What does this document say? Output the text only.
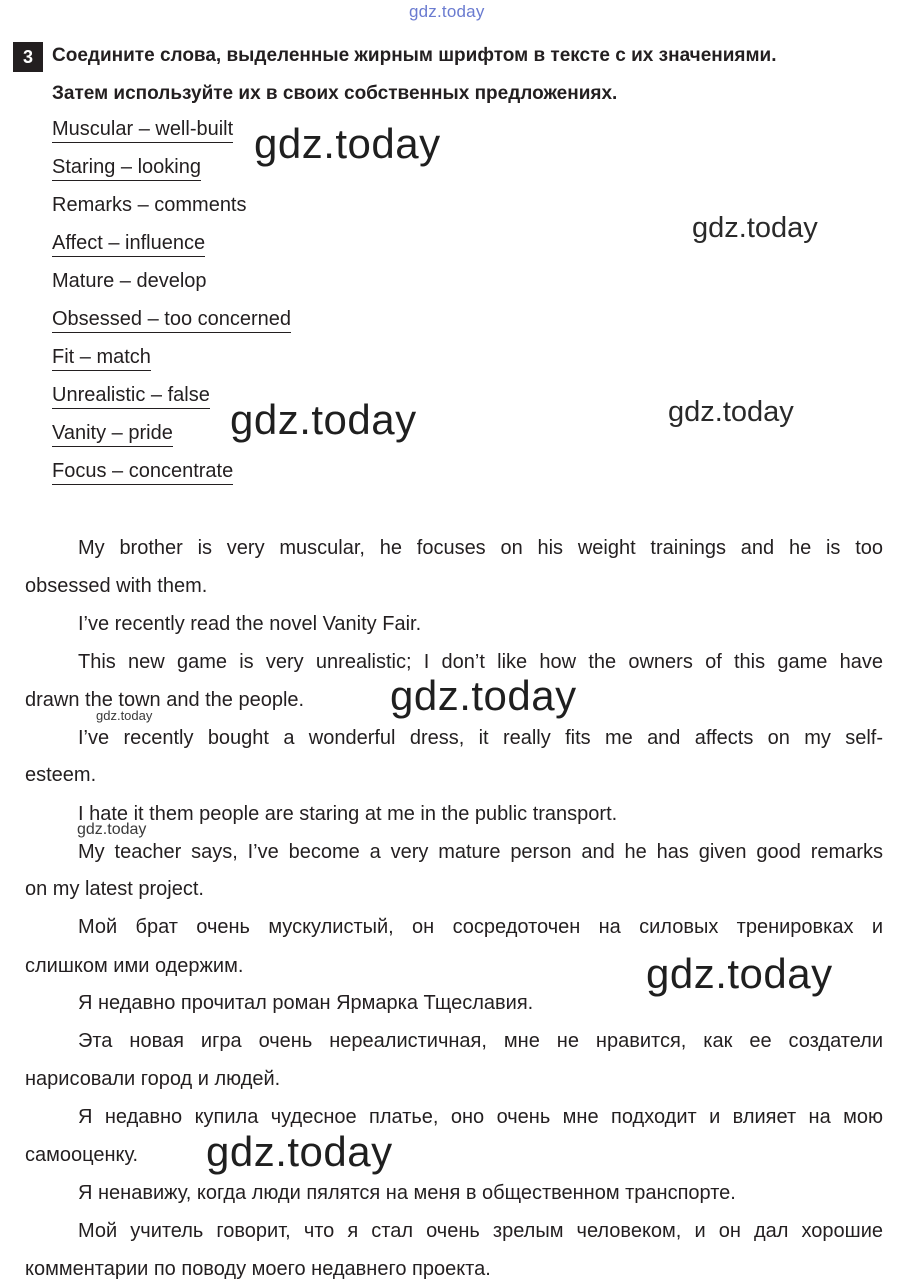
gdz.today
3	Соедините слова, выделенные жирным шрифтом в тексте с их значениями.
Затем используйте их в своих собственных предложениях.
Muscular – well-built
Staring – looking
Remarks – comments
Affect – influence
Mature – develop
Obsessed – too concerned
Fit – match
Unrealistic – false
Vanity – pride
Focus – concentrate
My brother is very muscular, he focuses on his weight trainings and he is too
obsessed with them.
I’ve recently read the novel Vanity Fair.
This new game is very unrealistic; I don’t like how the owners of this game have
drawn the town and the people.
I’ve recently bought a wonderful dress, it really fits me and affects on my self-
esteem.
I hate it them people are staring at me in the public transport.
My teacher says, I’ve become a very mature person and he has given good remarks
on my latest project.
Мой брат очень мускулистый, он сосредоточен на силовых тренировках и
слишком ими одержим.
Я недавно прочитал роман Ярмарка Тщеславия.
Эта новая игра очень нереалистичная, мне не нравится, как ее создатели
нарисовали город и людей.
Я недавно купила чудесное платье, оно очень мне подходит и влияет на мою
самооценку.
Я ненавижу, когда люди пялятся на меня в общественном транспорте.
Мой учитель говорит, что я стал очень зрелым человеком, и он дал хорошие
комментарии по поводу моего недавнего проекта.
gdz.today
gdz.today
gdz.today	gdz.today
gdz.today
gdz.today
gdz.today
gdz.today
gdz.today
